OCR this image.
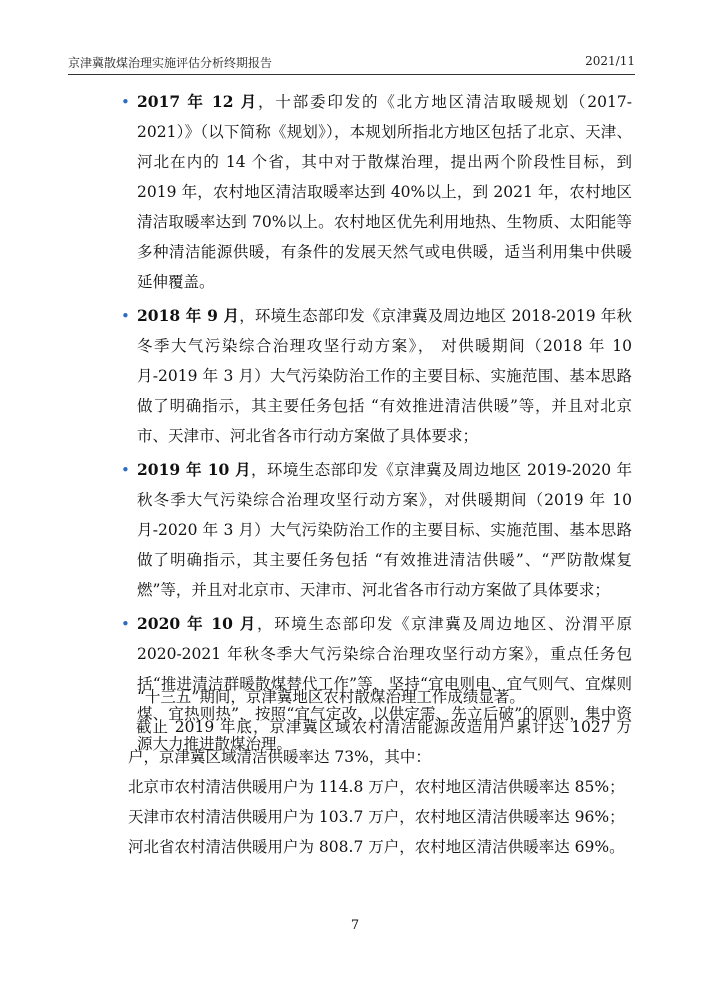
京津冀散煤治理实施评估分析终期报告	2021/11
• 2017 年 12 月，十部委印发的《北方地区清洁取暖规划（2017-2021）》（以下简称《规划》），本规划所指北方地区包括了北京、天津、河北在内的 14 个省，其中对于散煤治理，提出两个阶段性目标，到 2019 年，农村地区清洁取暖率达到 40%以上，到 2021 年，农村地区清洁取暖率达到 70%以上。农村地区优先利用地热、生物质、太阳能等多种清洁能源供暖，有条件的发展天然气或电供暖，适当利用集中供暖延伸覆盖。
• 2018 年 9 月，环境生态部印发《京津冀及周边地区 2018-2019 年秋冬季大气污染综合治理攻坚行动方案》， 对供暖期间（2018 年 10 月-2019 年 3 月）大气污染防治工作的主要目标、实施范围、基本思路做了明确指示，其主要任务包括 “有效推进清洁供暖”等，并且对北京市、天津市、河北省各市行动方案做了具体要求；
• 2019 年 10 月，环境生态部印发《京津冀及周边地区 2019-2020 年秋冬季大气污染综合治理攻坚行动方案》，对供暖期间（2019 年 10 月-2020 年 3 月）大气污染防治工作的主要目标、实施范围、基本思路做了明确指示，其主要任务包括 “有效推进清洁供暖”、“严防散煤复燃”等，并且对北京市、天津市、河北省各市行动方案做了具体要求；
• 2020 年 10 月，环境生态部印发《京津冀及周边地区、汾渭平原 2020-2021 年秋冬季大气污染综合治理攻坚行动方案》，重点任务包括“推进清洁群暖散煤替代工作”等，坚持“宜电则电、宜气则气、宜煤则煤、宜热则热”，按照“宜气定改、以供定需、先立后破”的原则，集中资源大力推进散煤治理。
“十三五”期间，京津冀地区农村散煤治理工作成绩显著。
截止 2019 年底，京津冀区域农村清洁能源改造用户累计达 1027 万户，京津冀区域清洁供暖率达 73%，其中：
北京市农村清洁供暖用户为 114.8 万户，农村地区清洁供暖率达 85%；
天津市农村清洁供暖用户为 103.7 万户，农村地区清洁供暖率达 96%；
河北省农村清洁供暖用户为 808.7 万户，农村地区清洁供暖率达 69%。
7
